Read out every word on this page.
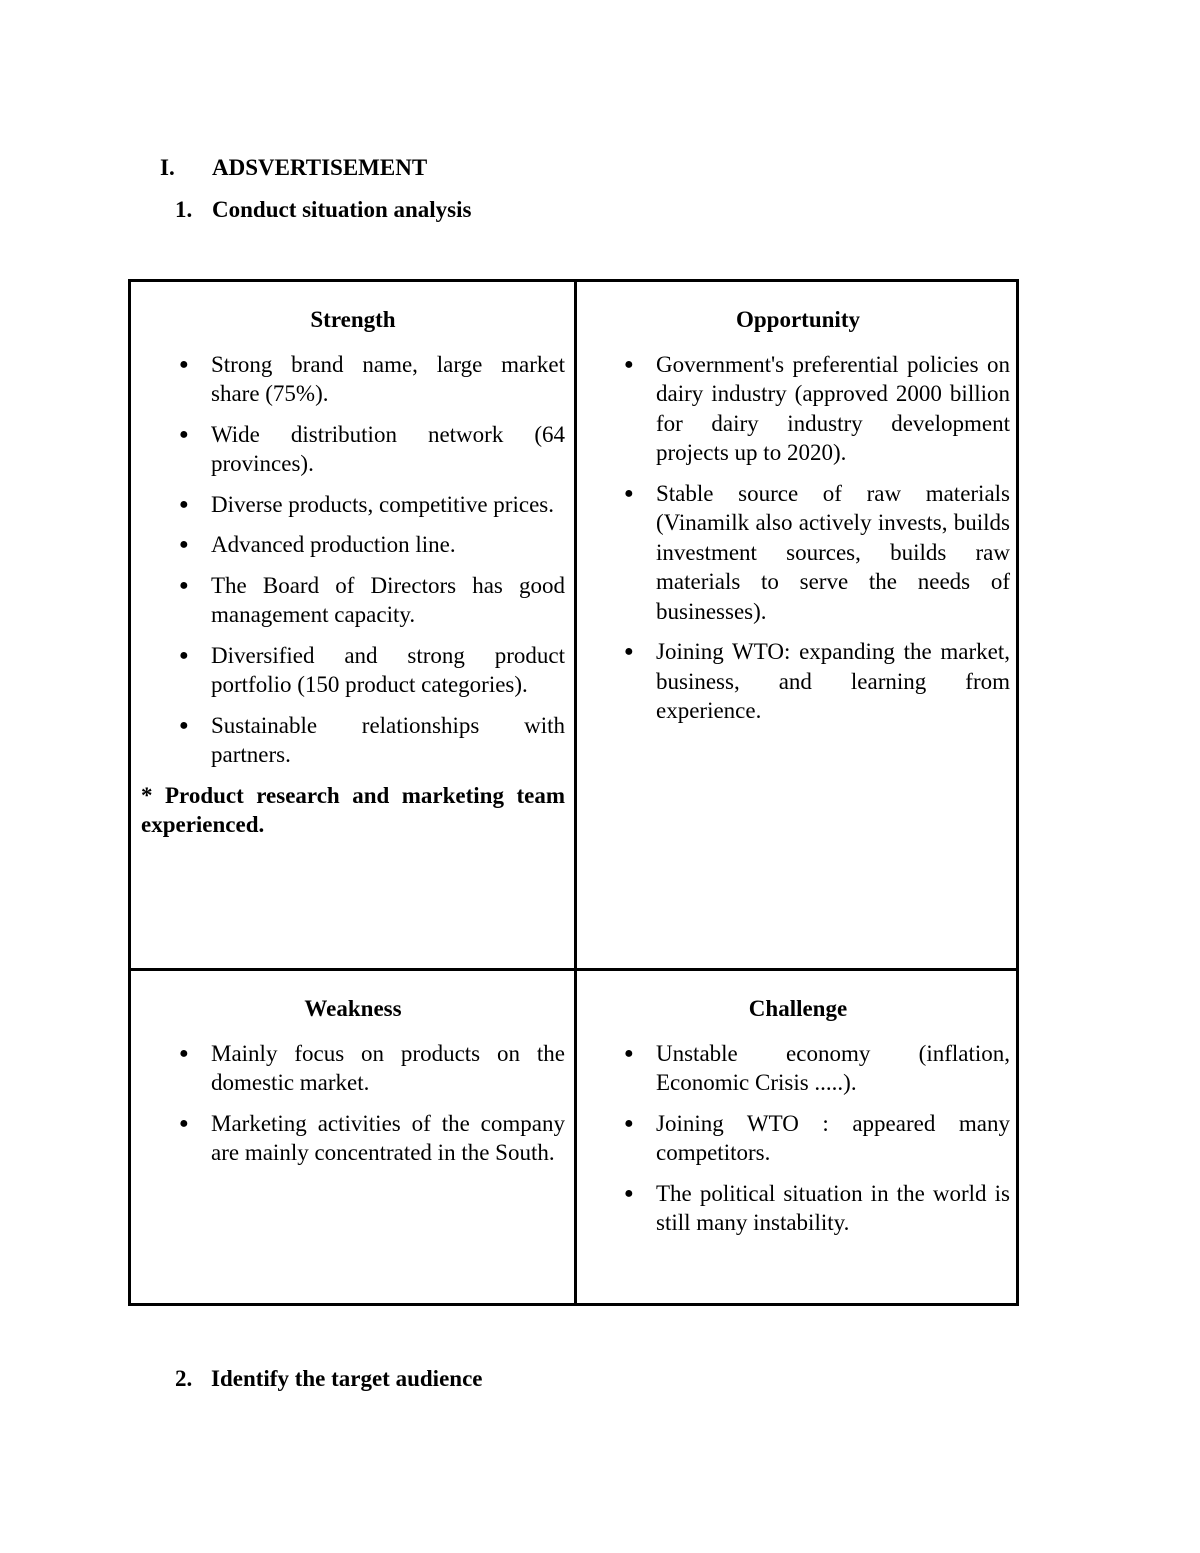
I. ADSVERTISEMENT
1. Conduct situation analysis
Strength
● Strong brand name, large market share (75%).
● Wide distribution network (64 provinces).
● Diverse products, competitive prices.
● Advanced production line.
● The Board of Directors has good management capacity.
● Diversified and strong product portfolio (150 product categories).
● Sustainable relationships with partners.
* Product research and marketing team experienced.
Opportunity
● Government's preferential policies on dairy industry (approved 2000 billion for dairy industry development projects up to 2020).
● Stable source of raw materials (Vinamilk also actively invests, builds investment sources, builds raw materials to serve the needs of businesses).
● Joining WTO: expanding the market, business, and learning from experience.
Weakness
● Mainly focus on products on the domestic market.
● Marketing activities of the company are mainly concentrated in the South.
Challenge
● Unstable economy (inflation, Economic Crisis .....).
● Joining WTO : appeared many competitors.
● The political situation in the world is still many instability.
2. Identify the target audience
